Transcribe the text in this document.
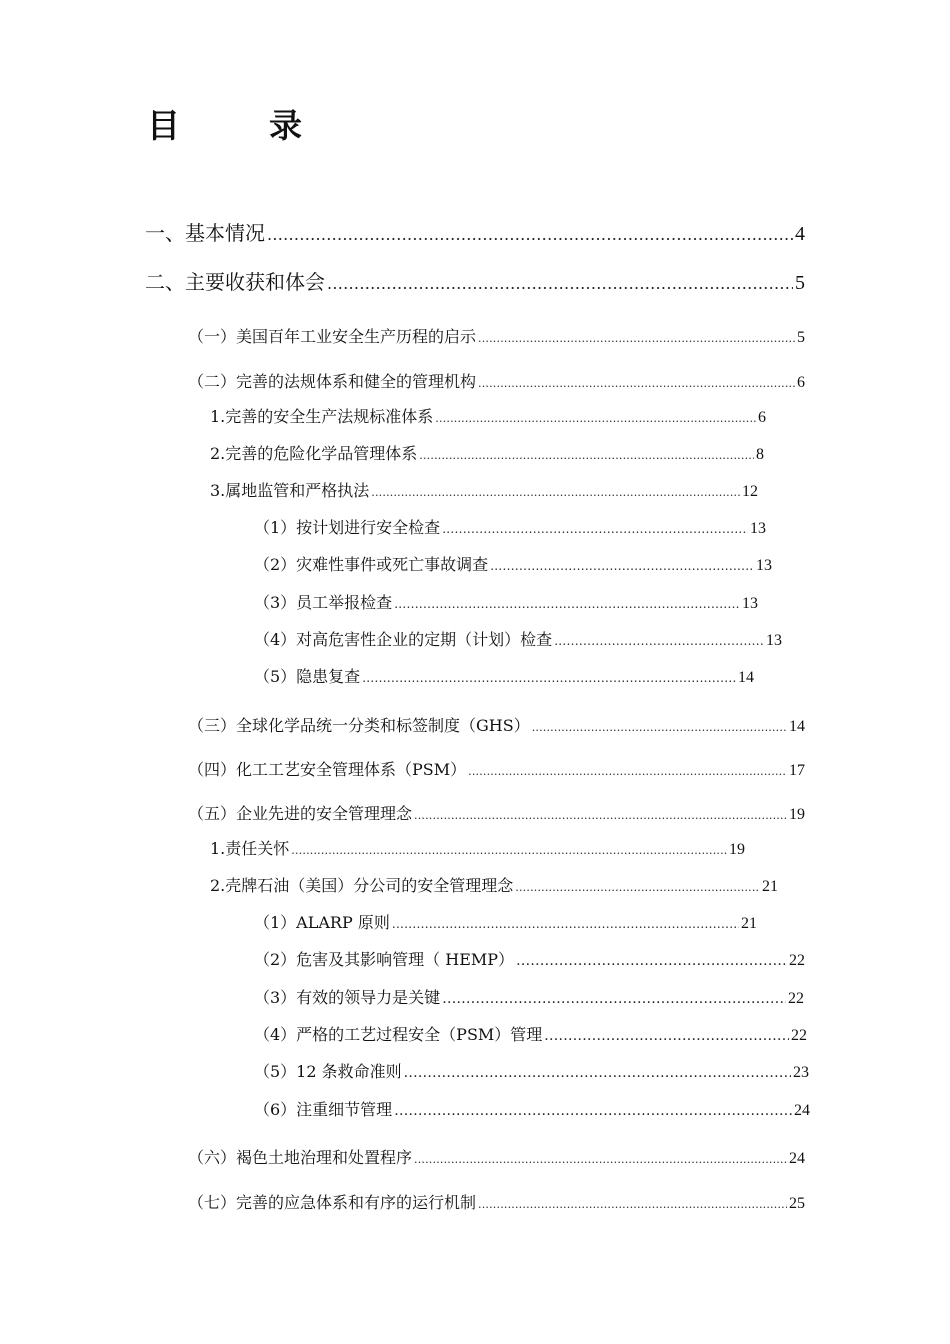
目　录
一、基本情况 .....	4
二、主要收获和体会 .....	5
（一）美国百年工业安全生产历程的启示 .....	5
（二）完善的法规体系和健全的管理机构 .....	6
1.完善的安全生产法规标准体系 .....	6
2.完善的危险化学品管理体系 .....	8
3.属地监管和严格执法 .....	12
（1）按计划进行安全检查 .....	13
（2）灾难性事件或死亡事故调查 .....	13
（3）员工举报检查 .....	13
（4）对高危害性企业的定期（计划）检查 .....	13
（5）隐患复查 .....	14
（三）全球化学品统一分类和标签制度（GHS） .....	14
（四）化工工艺安全管理体系（PSM） .....	17
（五）企业先进的安全管理理念 .....	19
1.责任关怀 .....	19
2.壳牌石油（美国）分公司的安全管理理念 .....	21
（1）ALARP 原则 .....	21
（2）危害及其影响管理（ HEMP） .....	22
（3）有效的领导力是关键 .....	22
（4）严格的工艺过程安全（PSM）管理 .....	22
（5）12 条救命准则 .....	23
（6）注重细节管理 .....	24
（六）褐色土地治理和处置程序 .....	24
（七）完善的应急体系和有序的运行机制 .....	25
